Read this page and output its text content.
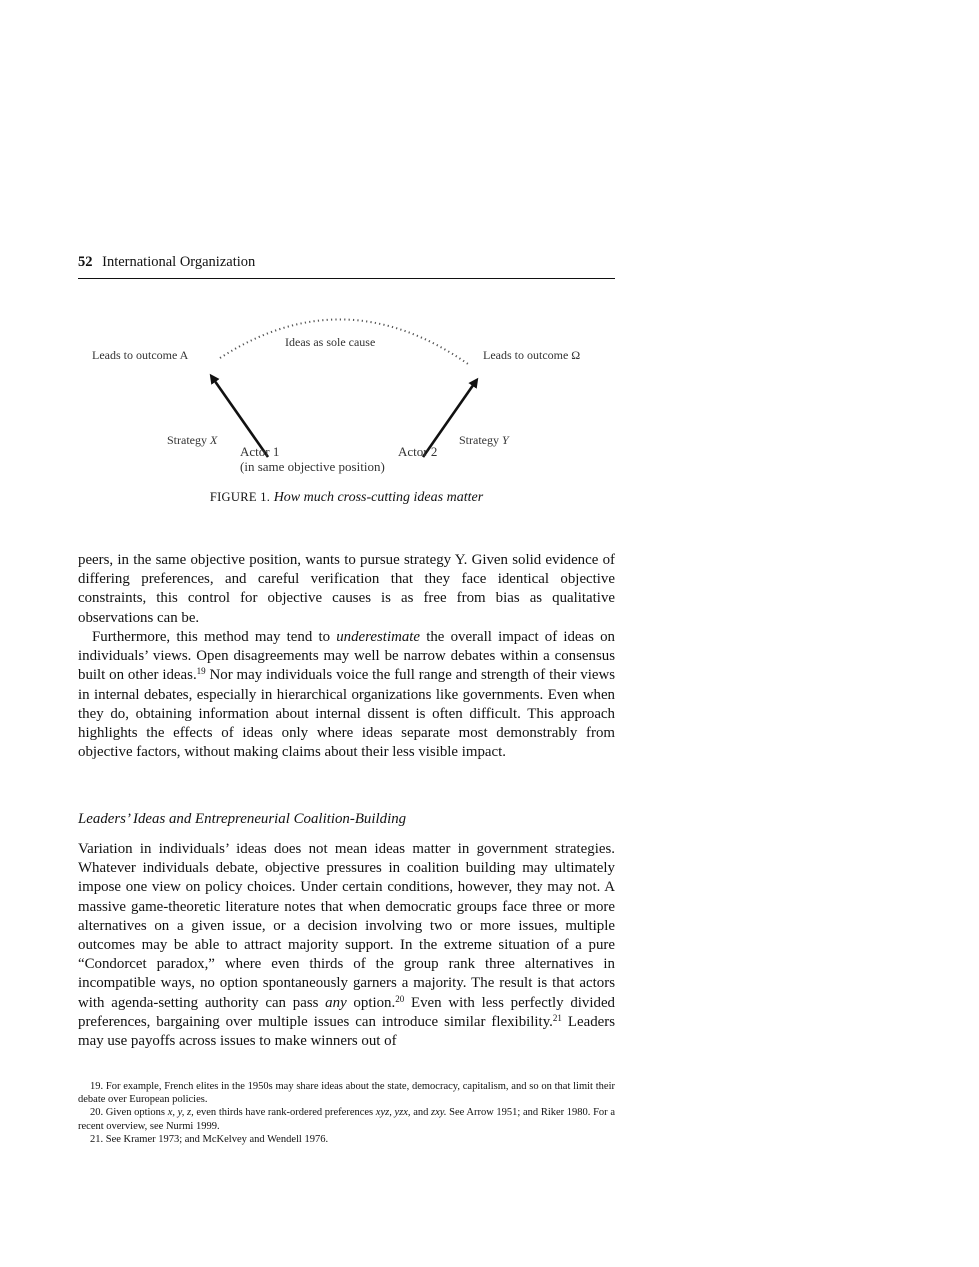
52 International Organization
Leads to outcome A
Ideas as sole cause
Leads to outcome Ω
Strategy X	Strategy Y
Actor 1	Actor 2
(in same objective position)
FIGURE 1. How much cross-cutting ideas matter

peers, in the same objective position, wants to pursue strategy Y. Given solid evidence of differing preferences, and careful verification that they face identical objective constraints, this control for objective causes is as free from bias as qualitative observations can be.

Furthermore, this method may tend to underestimate the overall impact of ideas on individuals’ views. Open disagreements may well be narrow debates within a consensus built on other ideas.$^{19}$ Nor may individuals voice the full range and strength of their views in internal debates, especially in hierarchical organizations like governments. Even when they do, obtaining information about internal dissent is often difficult. This approach highlights the effects of ideas only where ideas separate most demonstrably from objective factors, without making claims about their less visible impact.

Leaders’ Ideas and Entrepreneurial Coalition-Building

Variation in individuals’ ideas does not mean ideas matter in government strategies. Whatever individuals debate, objective pressures in coalition building may ultimately impose one view on policy choices. Under certain conditions, however, they may not. A massive game-theoretic literature notes that when democratic groups face three or more alternatives on a given issue, or a decision involving two or more issues, multiple outcomes may be able to attract majority support. In the extreme situation of a pure “Condorcet paradox,” where even thirds of the group rank three alternatives in incompatible ways, no option spontaneously garners a majority. The result is that actors with agenda-setting authority can pass any option.$^{20}$ Even with less perfectly divided preferences, bargaining over multiple issues can introduce similar flexibility.$^{21}$ Leaders may use payoffs across issues to make winners out of

19. For example, French elites in the 1950s may share ideas about the state, democracy, capitalism, and so on that limit their debate over European policies.

20. Given options x, y, z, even thirds have rank-ordered preferences xyz, yzx, and zxy. See Arrow 1951; and Riker 1980. For a recent overview, see Nurmi 1999.

21. See Kramer 1973; and McKelvey and Wendell 1976.
